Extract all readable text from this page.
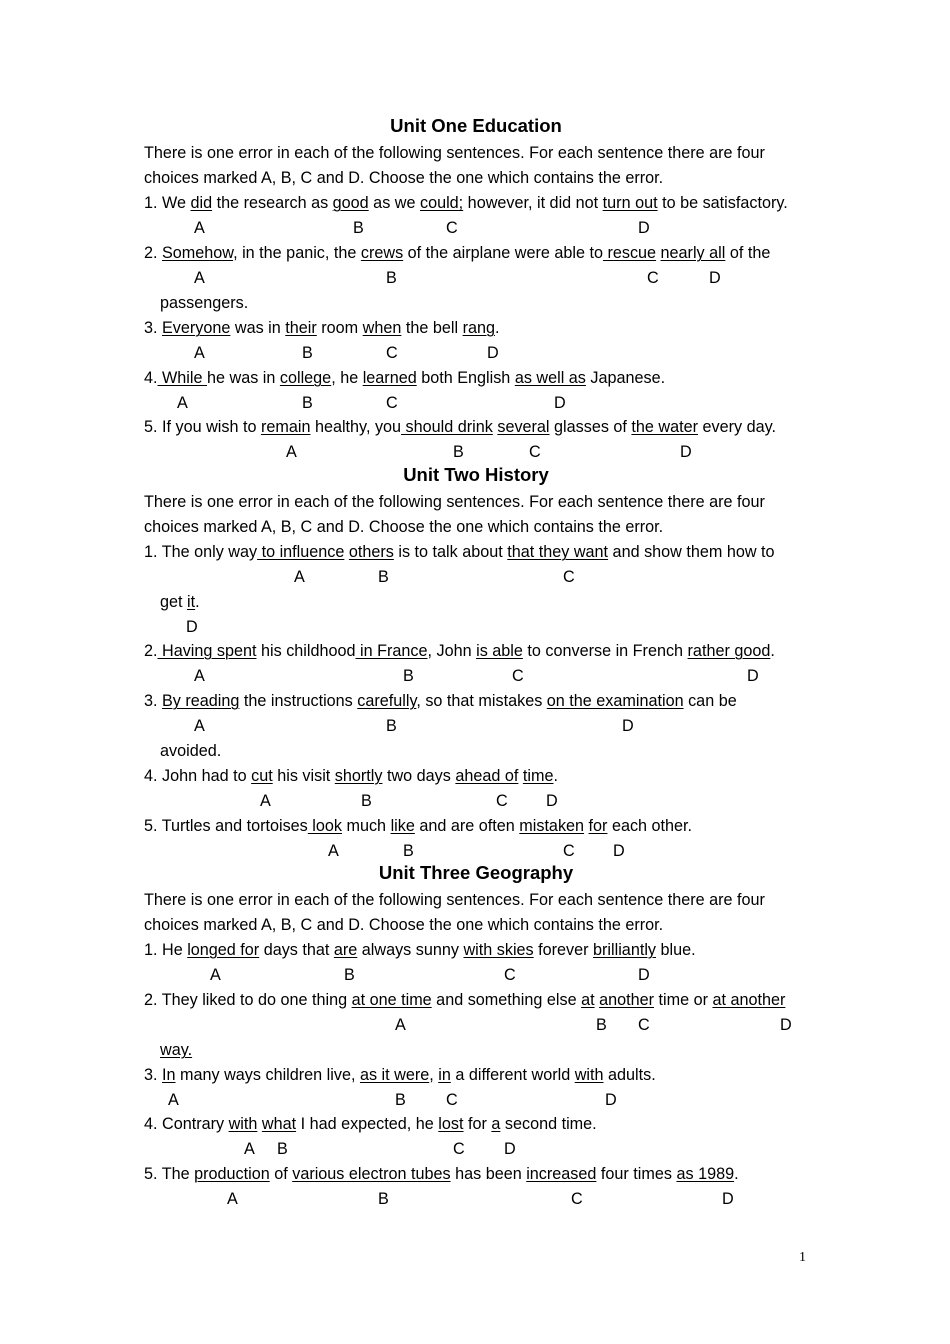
Unit One Education
There is one error in each of the following sentences. For each sentence there are four
choices marked A, B, C and D. Choose the one which contains the error.
1. We did the research as good as we could; however, it did not turn out to be satisfactory.
A	B	C	D
2. Somehow, in the panic, the crews of the airplane were able to rescue nearly all of the
A	B	C	D
passengers.
3. Everyone was in their room when the bell rang.
A	B	C	D
4. While he was in college, he learned both English as well as Japanese.
A	B	C	D
5. If you wish to remain healthy, you should drink several glasses of the water every day.
A	B	C	D
Unit Two History
There is one error in each of the following sentences. For each sentence there are four
choices marked A, B, C and D. Choose the one which contains the error.
1. The only way to influence others is to talk about that they want and show them how to
A	B	C
get it.
D
2. Having spent his childhood in France, John is able to converse in French rather good.
A	B	C	D
3. By reading the instructions carefully, so that mistakes on the examination can be
A	B	D
avoided.
4. John had to cut his visit shortly two days ahead of time.
A	B	C D
5. Turtles and tortoises look much like and are often mistaken for each other.
A	B	C D
Unit Three Geography
There is one error in each of the following sentences. For each sentence there are four
choices marked A, B, C and D. Choose the one which contains the error.
1. He longed for days that are always sunny with skies forever brilliantly blue.
A	B	C	D
2. They liked to do one thing at one time and something else at another time or at another
A	B C	D
way.
3. In many ways children live, as it were, in a different world with adults.
A	B C	D
4. Contrary with what I had expected, he lost for a second time.
A B	C D
5. The production of various electron tubes has been increased four times as 1989.
A	B	C	D
1
